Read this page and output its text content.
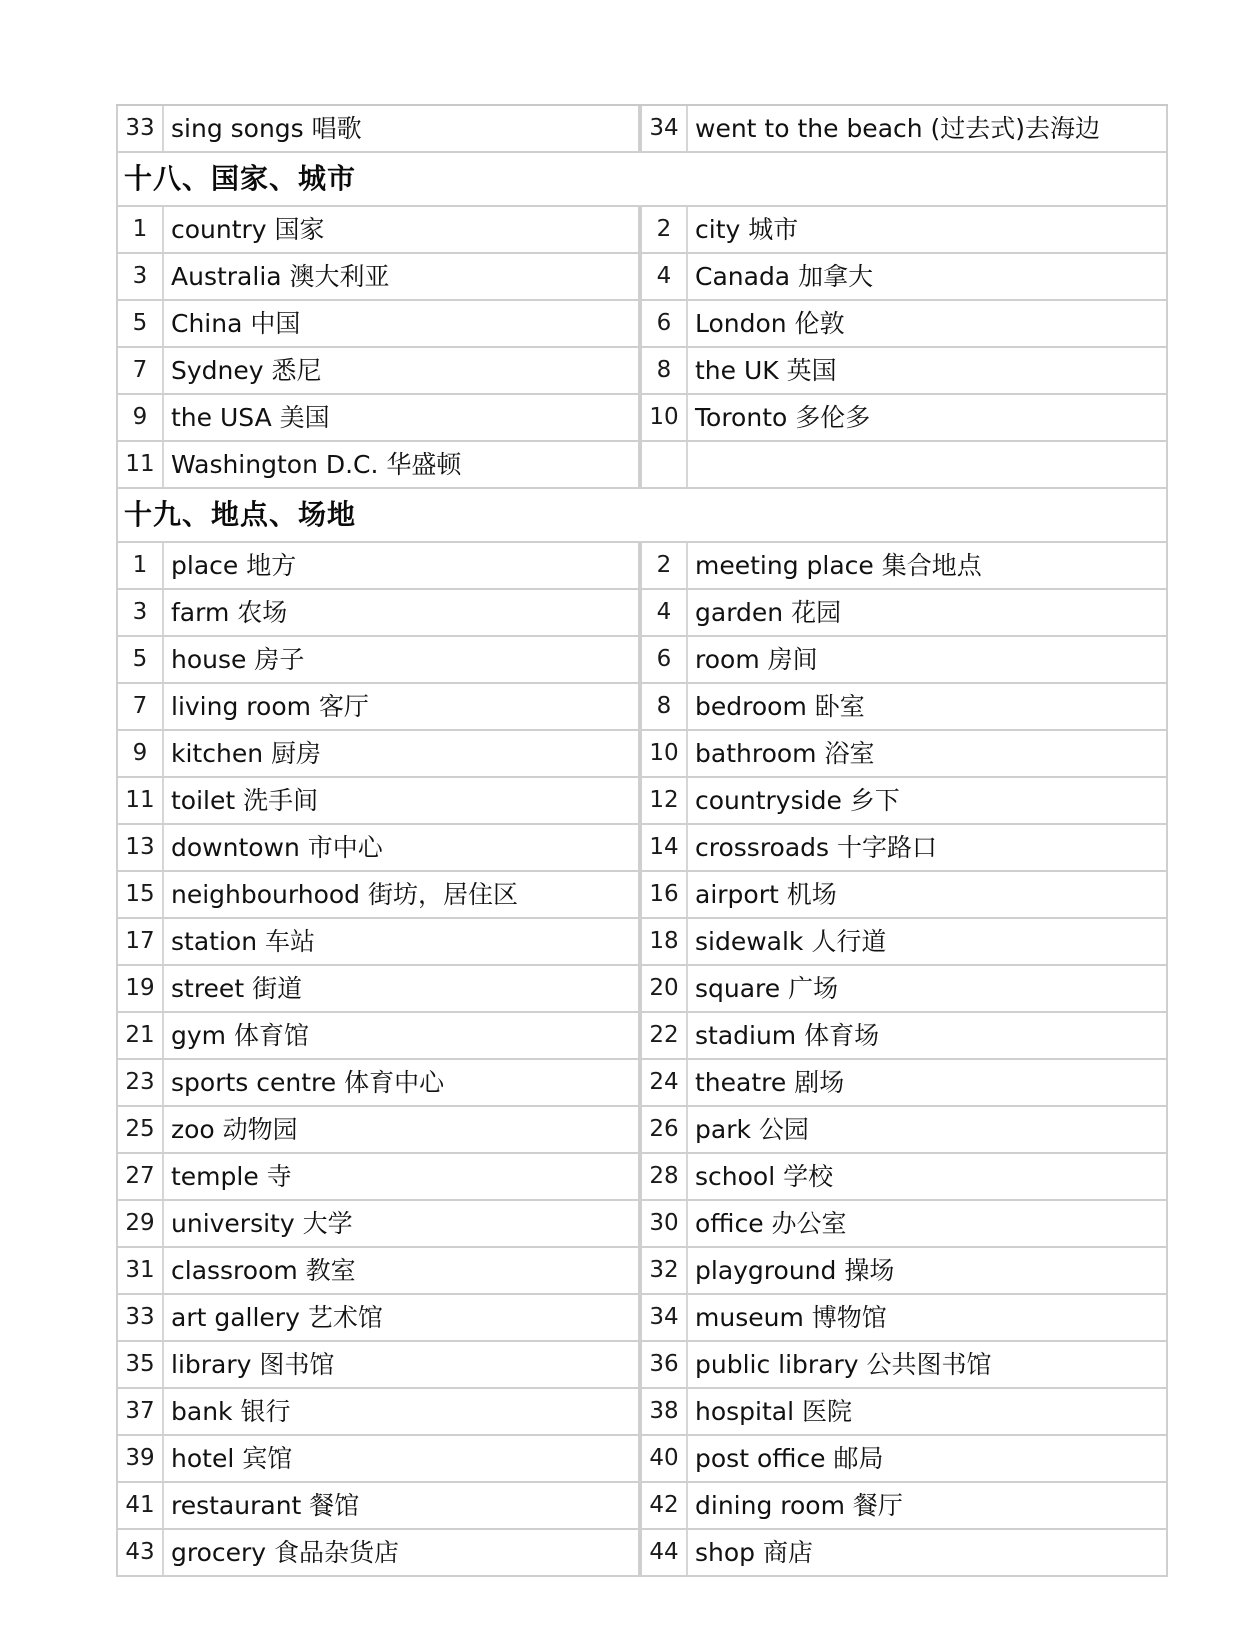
33 sing songs 唱歌	34 went to the beach (过去式)去海边
十八、国家、城市
1 country 国家	2 city 城市
3 Australia 澳大利亚	4 Canada 加拿大
5 China 中国	6 London 伦敦
7 Sydney 悉尼	8 the UK 英国
9 the USA 美国	10 Toronto 多伦多
11 Washington D.C. 华盛顿
十九、地点、场地
1 place 地方	2 meeting place 集合地点
3 farm 农场	4 garden 花园
5 house 房子	6 room 房间
7 living room 客厅	8 bedroom 卧室
9 kitchen 厨房	10 bathroom 浴室
11 toilet 洗手间	12 countryside 乡下
13 downtown 市中心	14 crossroads 十字路口
15 neighbourhood 街坊，居住区	16 airport 机场
17 station 车站	18 sidewalk 人行道
19 street 街道	20 square 广场
21 gym 体育馆	22 stadium 体育场
23 sports centre 体育中心	24 theatre 剧场
25 zoo 动物园	26 park 公园
27 temple 寺	28 school 学校
29 university 大学	30 office 办公室
31 classroom 教室	32 playground 操场
33 art gallery 艺术馆	34 museum 博物馆
35 library 图书馆	36 public library 公共图书馆
37 bank 银行	38 hospital 医院
39 hotel 宾馆	40 post office 邮局
41 restaurant 餐馆	42 dining room 餐厅
43 grocery 食品杂货店	44 shop 商店
